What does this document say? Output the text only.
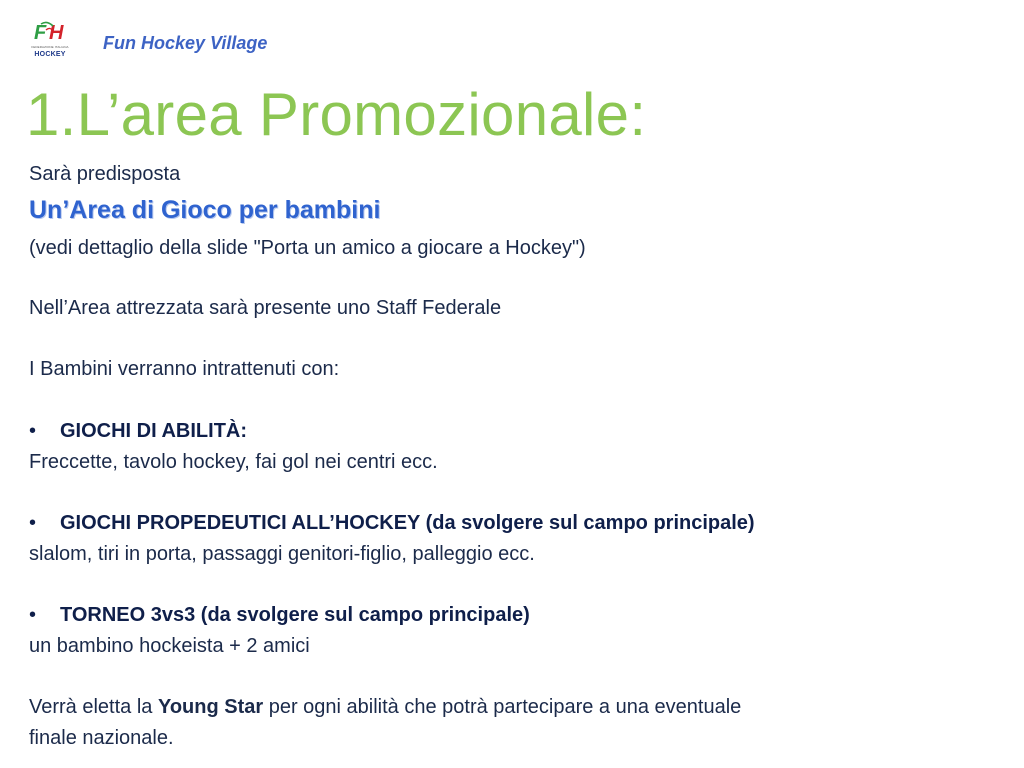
F H
FEDERAZIONE ITALIANA
HOCKEY
Fun Hockey Village
1.L’area Promozionale:
Sarà predisposta
Un’Area di Gioco per bambini
(vedi dettaglio della slide "Porta un amico a giocare a Hockey")
Nell’Area attrezzata sarà presente uno Staff Federale
I Bambini verranno intrattenuti con:
• GIOCHI DI ABILITÀ:
Freccette, tavolo hockey, fai gol nei centri ecc.
• GIOCHI PROPEDEUTICI ALL’HOCKEY (da svolgere sul campo principale)
slalom, tiri in porta, passaggi genitori-figlio, palleggio ecc.
• TORNEO 3vs3 (da svolgere sul campo principale)
un bambino hockeista + 2 amici
Verrà eletta la Young Star per ogni abilità che potrà partecipare a una eventuale
finale nazionale.
